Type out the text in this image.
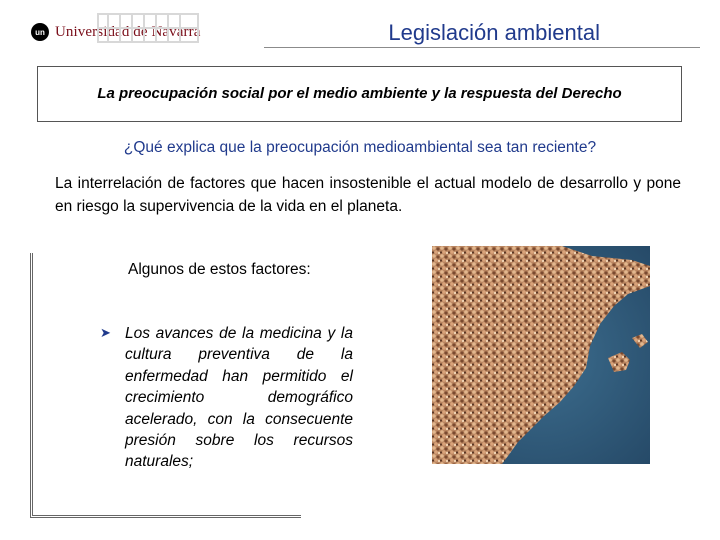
un Universidad de Navarra	Legislación ambiental
La preocupación social por el medio ambiente y la respuesta del Derecho
¿Qué explica que la preocupación medioambiental sea tan reciente?
La interrelación de factores que hacen insostenible el actual modelo de desarrollo y pone en riesgo la supervivencia de la vida en el planeta.
Algunos de estos factores:
➤ Los avances de la medicina y la cultura preventiva de la enfermedad han permitido el crecimiento demográfico acelerado, con la consecuente presión sobre los recursos naturales;
